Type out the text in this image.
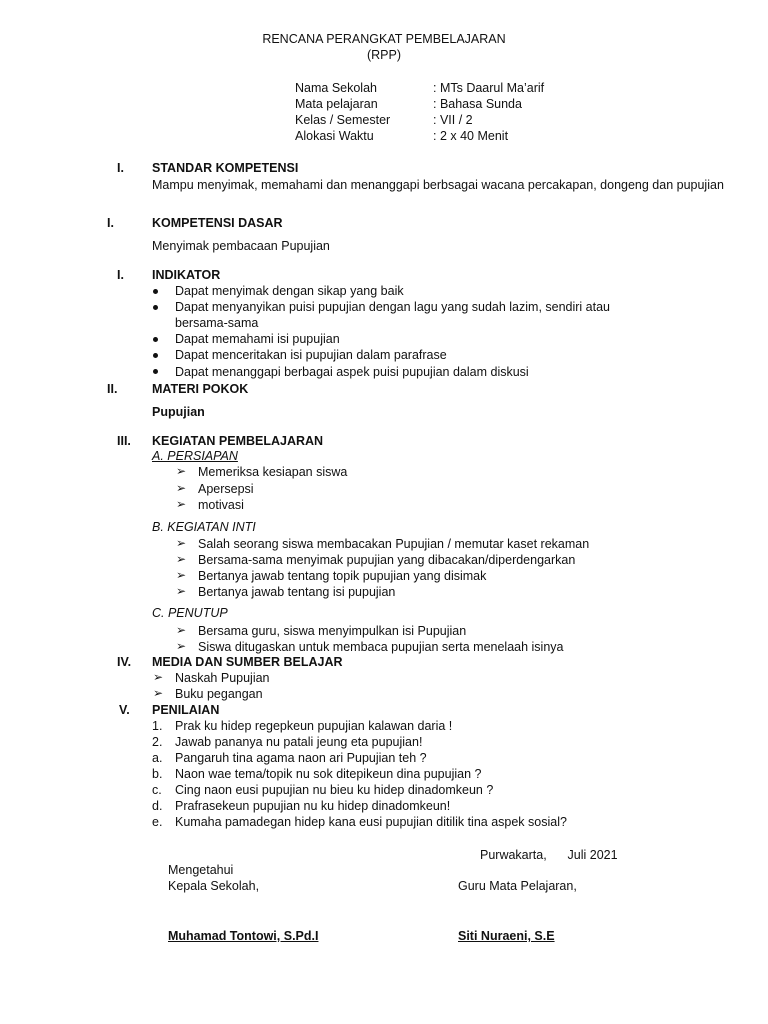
RENCANA PERANGKAT PEMBELAJARAN
(RPP)
Nama Sekolah	: MTs Daarul Ma’arif
Mata pelajaran	: Bahasa Sunda
Kelas / Semester	: VII / 2
Alokasi Waktu	: 2 x 40 Menit
I. STANDAR KOMPETENSI
Mampu menyimak, memahami dan menanggapi berbsagai wacana percakapan, dongeng dan pupujian
I.	KOMPETENSI DASAR
Menyimak pembacaan Pupujian
I. INDIKATOR
Dapat menyimak dengan sikap yang baik
Dapat menyanyikan puisi pupujian dengan lagu yang sudah lazim, sendiri atau
bersama-sama
Dapat memahami isi pupujian
Dapat menceritakan isi pupujian dalam parafrase
Dapat menanggapi berbagai aspek puisi pupujian dalam diskusi
II.	MATERI POKOK
Pupujian
III. KEGIATAN PEMBELAJARAN
A. PERSIAPAN
➢ Memeriksa kesiapan siswa
➢ Apersepsi
➢ motivasi
B. KEGIATAN INTI
➢ Salah seorang siswa membacakan Pupujian / memutar kaset rekaman
➢ Bersama-sama menyimak pupujian yang dibacakan/diperdengarkan
➢ Bertanya jawab tentang topik pupujian yang disimak
➢ Bertanya jawab tentang isi pupujian
C. PENUTUP
➢ Bersama guru, siswa menyimpulkan isi Pupujian
➢ Siswa ditugaskan untuk membaca pupujian serta menelaah isinya
IV. MEDIA DAN SUMBER BELAJAR
➢ Naskah Pupujian
➢ Buku pegangan
V. PENILAIAN
1. Prak ku hidep regepkeun pupujian kalawan daria !
2. Jawab pananya nu patali jeung eta pupujian!
a. Pangaruh tina agama naon ari Pupujian teh ?
b. Naon wae tema/topik nu sok ditepikeun dina pupujian ?
c. Cing naon eusi pupujian nu bieu ku hidep dinadomkeun ?
d. Prafrasekeun pupujian nu ku hidep dinadomkeun!
e. Kumaha pamadegan hidep kana eusi pupujian ditilik tina aspek sosial?
Purwakarta,      Juli 2021
Mengetahui
Kepala Sekolah,	Guru Mata Pelajaran,
Muhamad Tontowi, S.Pd.I	Siti Nuraeni, S.E
